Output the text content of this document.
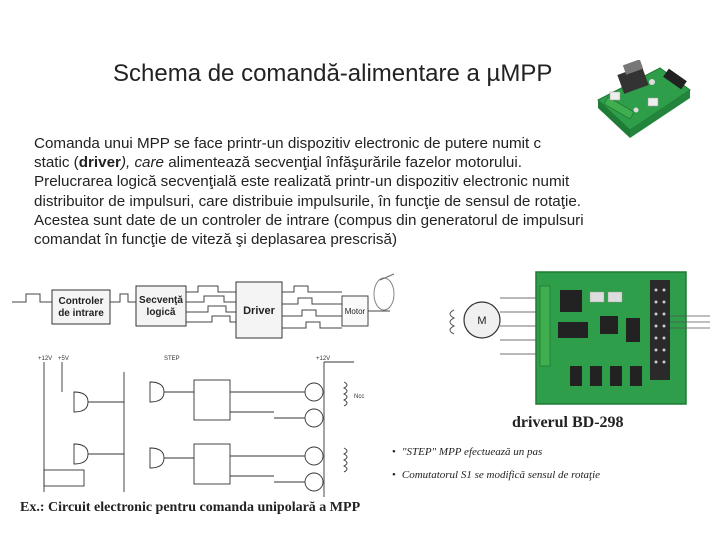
Schema de comandă-alimentare a µMPP
Comanda unui MPP se face printr-un dispozitiv electronic de putere numit c
static (driver), care alimentează secvenţial înfăşurările fazelor motorului.
Prelucrarea logică secvenţială este realizată printr-un dispozitiv electronic numit
distribuitor de impulsuri, care distribuie impulsurile, în funcţie de sensul de rotaţie.
Acestea sunt date de un controler de intrare (compus din generatorul de impulsuri
comandat în funcţie de viteză şi deplasarea prescrisă)
Controler
de intrare
Secvenţă
logică	Driver	Motor
M
+12V +5V	STEP	+12V
Ncc
driverul BD-298
• "STEP" MPP efectuează un pas
• Comutatorul S1 se modifică sensul de rotaţie
Ex.: Circuit electronic pentru comanda unipolară a MPP
